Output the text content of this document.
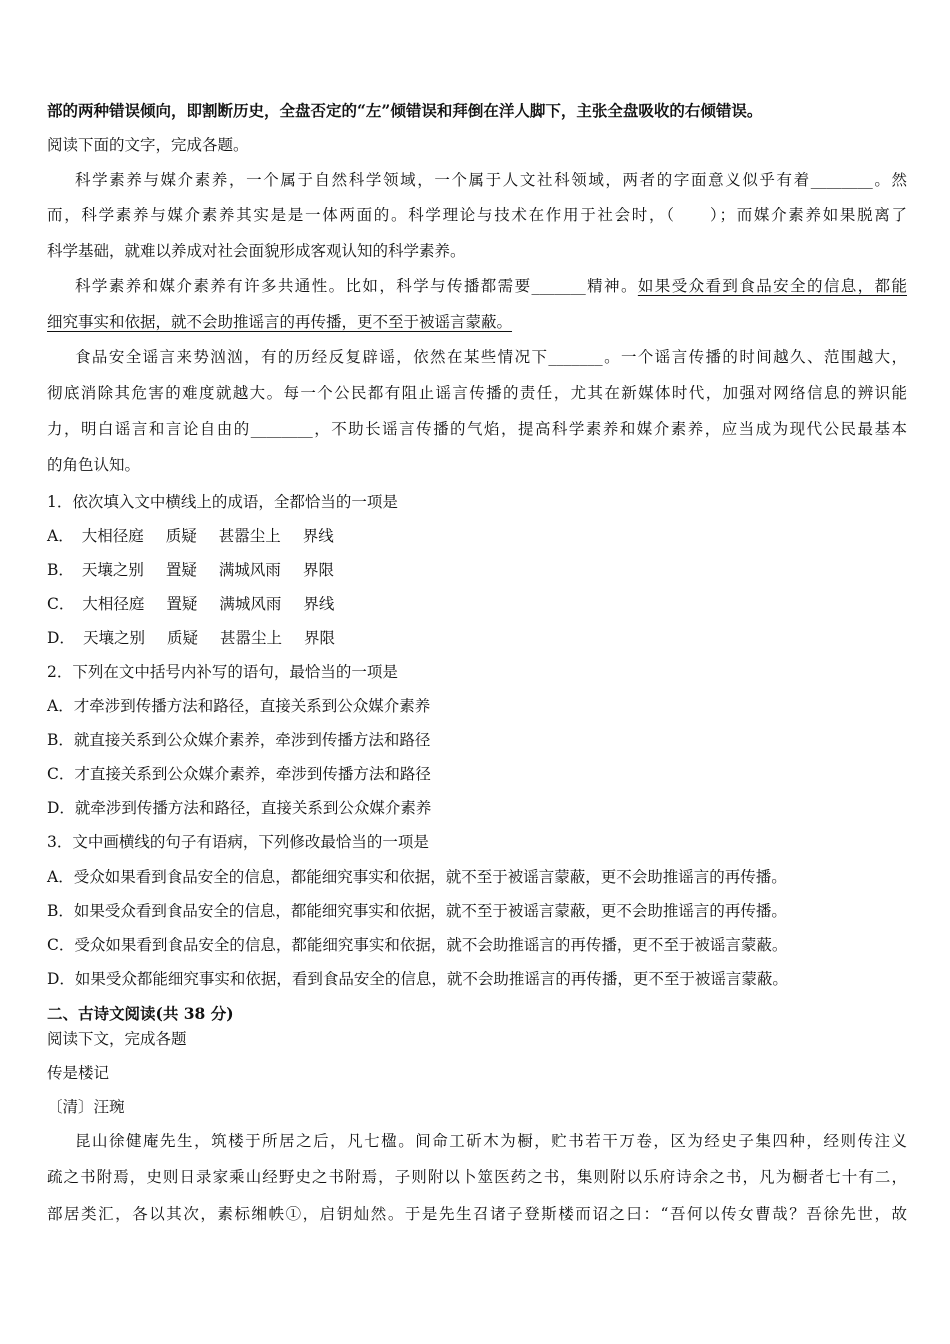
部的两种错误倾向，即割断历史，全盘否定的“左”倾错误和拜倒在洋人脚下，主张全盘吸收的右倾错误。
阅读下面的文字，完成各题。
科学素养与媒介素养，一个属于自然科学领域，一个属于人文社科领域，两者的字面意义似乎有着________。然
而，科学素养与媒介素养其实是是一体两面的。科学理论与技术在作用于社会时，（　　）；而媒介素养如果脱离了
科学基础，就难以养成对社会面貌形成客观认知的科学素养。
科学素养和媒介素养有许多共通性。比如，科学与传播都需要_______精神。如果受众看到食品安全的信息，都能
细究事实和依据，就不会助推谣言的再传播，更不至于被谣言蒙蔽。
食品安全谣言来势汹汹，有的历经反复辟谣，依然在某些情况下_______。一个谣言传播的时间越久、范围越大，
彻底消除其危害的难度就越大。每一个公民都有阻止谣言传播的责任，尤其在新媒体时代，加强对网络信息的辨识能
力，明白谣言和言论自由的________，不助长谣言传播的气焰，提高科学素养和媒介素养，应当成为现代公民最基本
的角色认知。
1．依次填入文中横线上的成语，全都恰当的一项是
A． 大相径庭 质疑 甚嚣尘上 界线
B． 天壤之别 置疑 满城风雨 界限
C． 大相径庭 置疑 满城风雨 界线
D． 天壤之别 质疑 甚嚣尘上 界限
2．下列在文中括号内补写的语句，最恰当的一项是
A．才牵涉到传播方法和路径，直接关系到公众媒介素养
B．就直接关系到公众媒介素养，牵涉到传播方法和路径
C．才直接关系到公众媒介素养，牵涉到传播方法和路径
D．就牵涉到传播方法和路径，直接关系到公众媒介素养
3．文中画横线的句子有语病，下列修改最恰当的一项是
A．受众如果看到食品安全的信息，都能细究事实和依据，就不至于被谣言蒙蔽，更不会助推谣言的再传播。
B．如果受众看到食品安全的信息，都能细究事实和依据，就不至于被谣言蒙蔽，更不会助推谣言的再传播。
C．受众如果看到食品安全的信息，都能细究事实和依据，就不会助推谣言的再传播，更不至于被谣言蒙蔽。
D．如果受众都能细究事实和依据，看到食品安全的信息，就不会助推谣言的再传播，更不至于被谣言蒙蔽。
二、古诗文阅读(共 38 分)
阅读下文，完成各题
传是楼记
〔清〕汪琬
昆山徐健庵先生，筑楼于所居之后，凡七楹。间命工斫木为橱，贮书若干万卷，区为经史子集四种，经则传注义
疏之书附焉，史则日录家乘山经野史之书附焉，子则附以卜筮医药之书，集则附以乐府诗余之书，凡为橱者七十有二，
部居类汇，各以其次，素标缃帙①，启钥灿然。于是先生召诸子登斯楼而诏之曰：“吾何以传女曹哉？吾徐先世，故
